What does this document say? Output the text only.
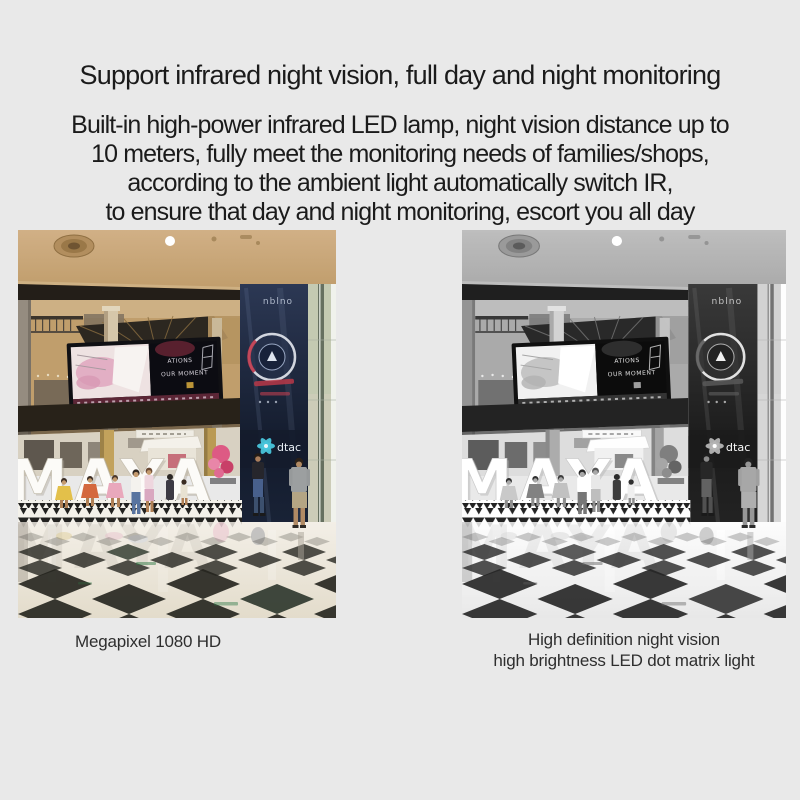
Support infrared night vision, full day and night monitoring
Built-in high-power infrared LED lamp, night vision distance up to
10 meters, fully meet the monitoring needs of families/shops,
according to the ambient light automatically switch IR,
to ensure that day and night monitoring, escort you all day
Megapixel 1080 HD	High definition night vision
high brightness LED dot matrix light
